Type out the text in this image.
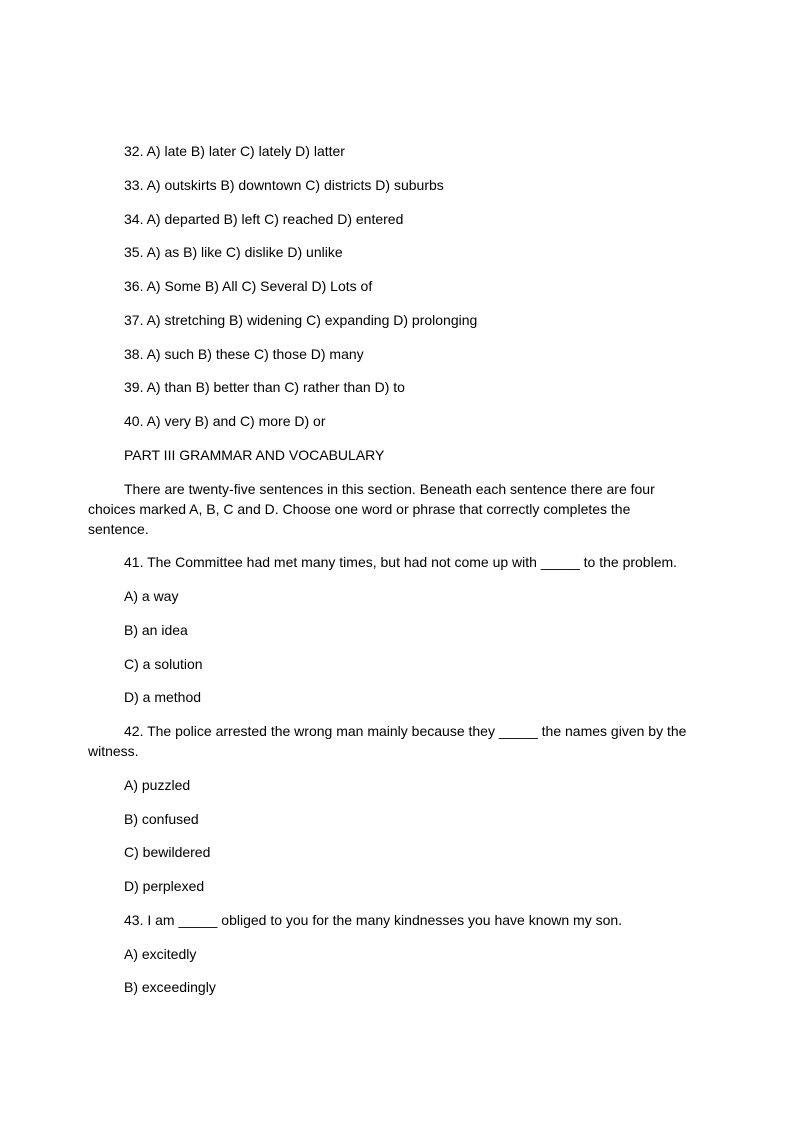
32. A) late B) later C) lately D) latter

33. A) outskirts B) downtown C) districts D) suburbs

34. A) departed B) left C) reached D) entered

35. A) as B) like C) dislike D) unlike

36. A) Some B) All C) Several D) Lots of

37. A) stretching B) widening C) expanding D) prolonging

38. A) such B) these C) those D) many

39. A) than B) better than C) rather than D) to

40. A) very B) and C) more D) or

PART III GRAMMAR AND VOCABULARY

There are twenty-five sentences in this section. Beneath each sentence there are four choices marked A, B, C and D. Choose one word or phrase that correctly completes the sentence.

41. The Committee had met many times, but had not come up with _____ to the problem.

A) a way

B) an idea

C) a solution

D) a method

42. The police arrested the wrong man mainly because they _____ the names given by the witness.

A) puzzled

B) confused

C) bewildered

D) perplexed

43. I am _____ obliged to you for the many kindnesses you have known my son.

A) excitedly

B) exceedingly
